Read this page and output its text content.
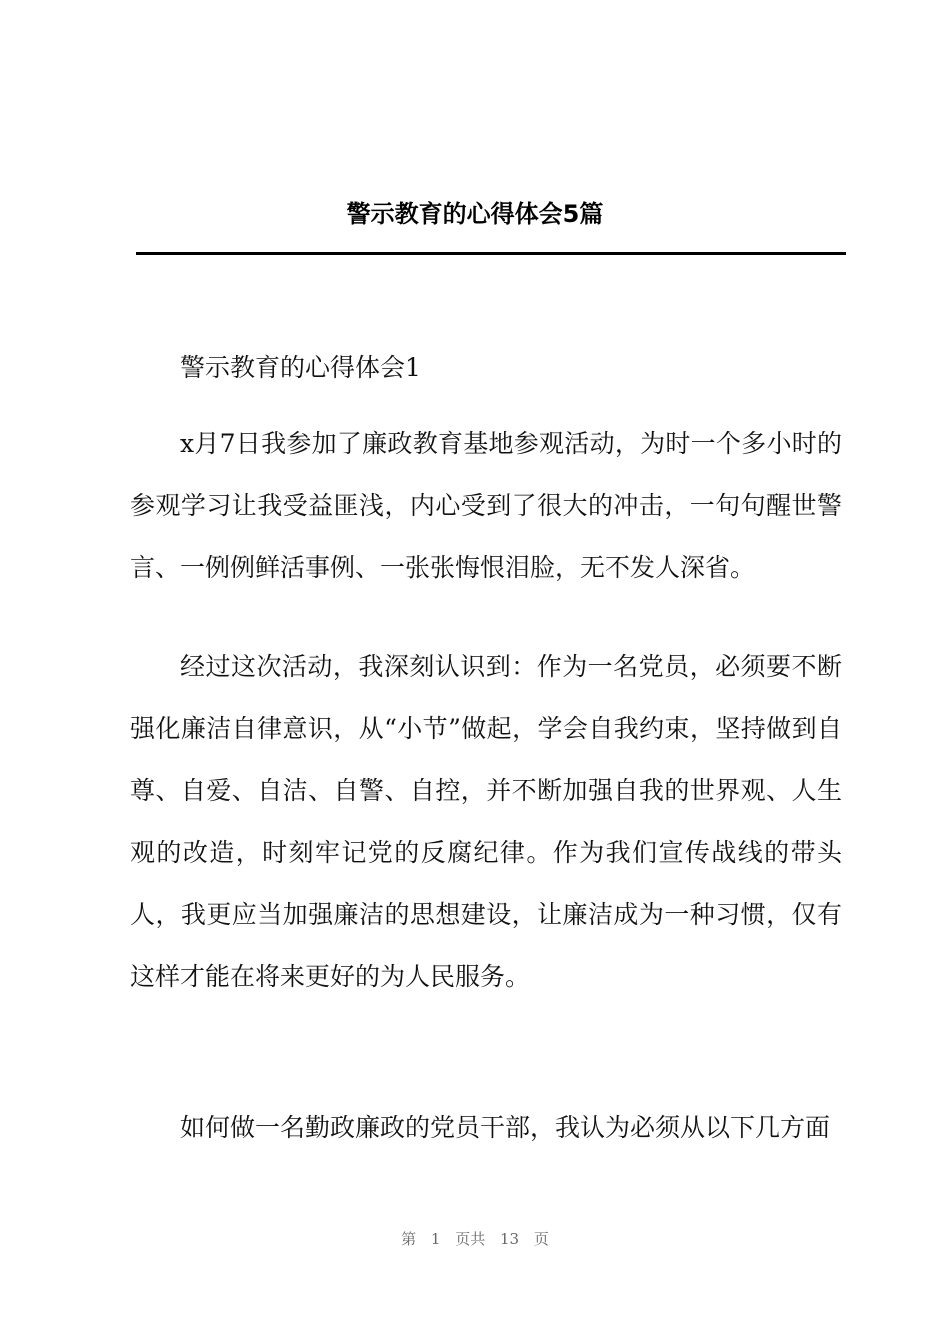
警示教育的心得体会5篇
警示教育的心得体会1

x月7日我参加了廉政教育基地参观活动，为时一个多小时的参观学习让我受益匪浅，内心受到了很大的冲击，一句句醒世警言、一例例鲜活事例、一张张悔恨泪脸，无不发人深省。

经过这次活动，我深刻认识到：作为一名党员，必须要不断强化廉洁自律意识，从“小节”做起，学会自我约束，坚持做到自尊、自爱、自洁、自警、自控，并不断加强自我的世界观、人生观的改造，时刻牢记党的反腐纪律。作为我们宣传战线的带头人，我更应当加强廉洁的思想建设，让廉洁成为一种习惯，仅有这样才能在将来更好的为人民服务。

如何做一名勤政廉政的党员干部，我认为必须从以下几方面

第 1 页共 13 页
